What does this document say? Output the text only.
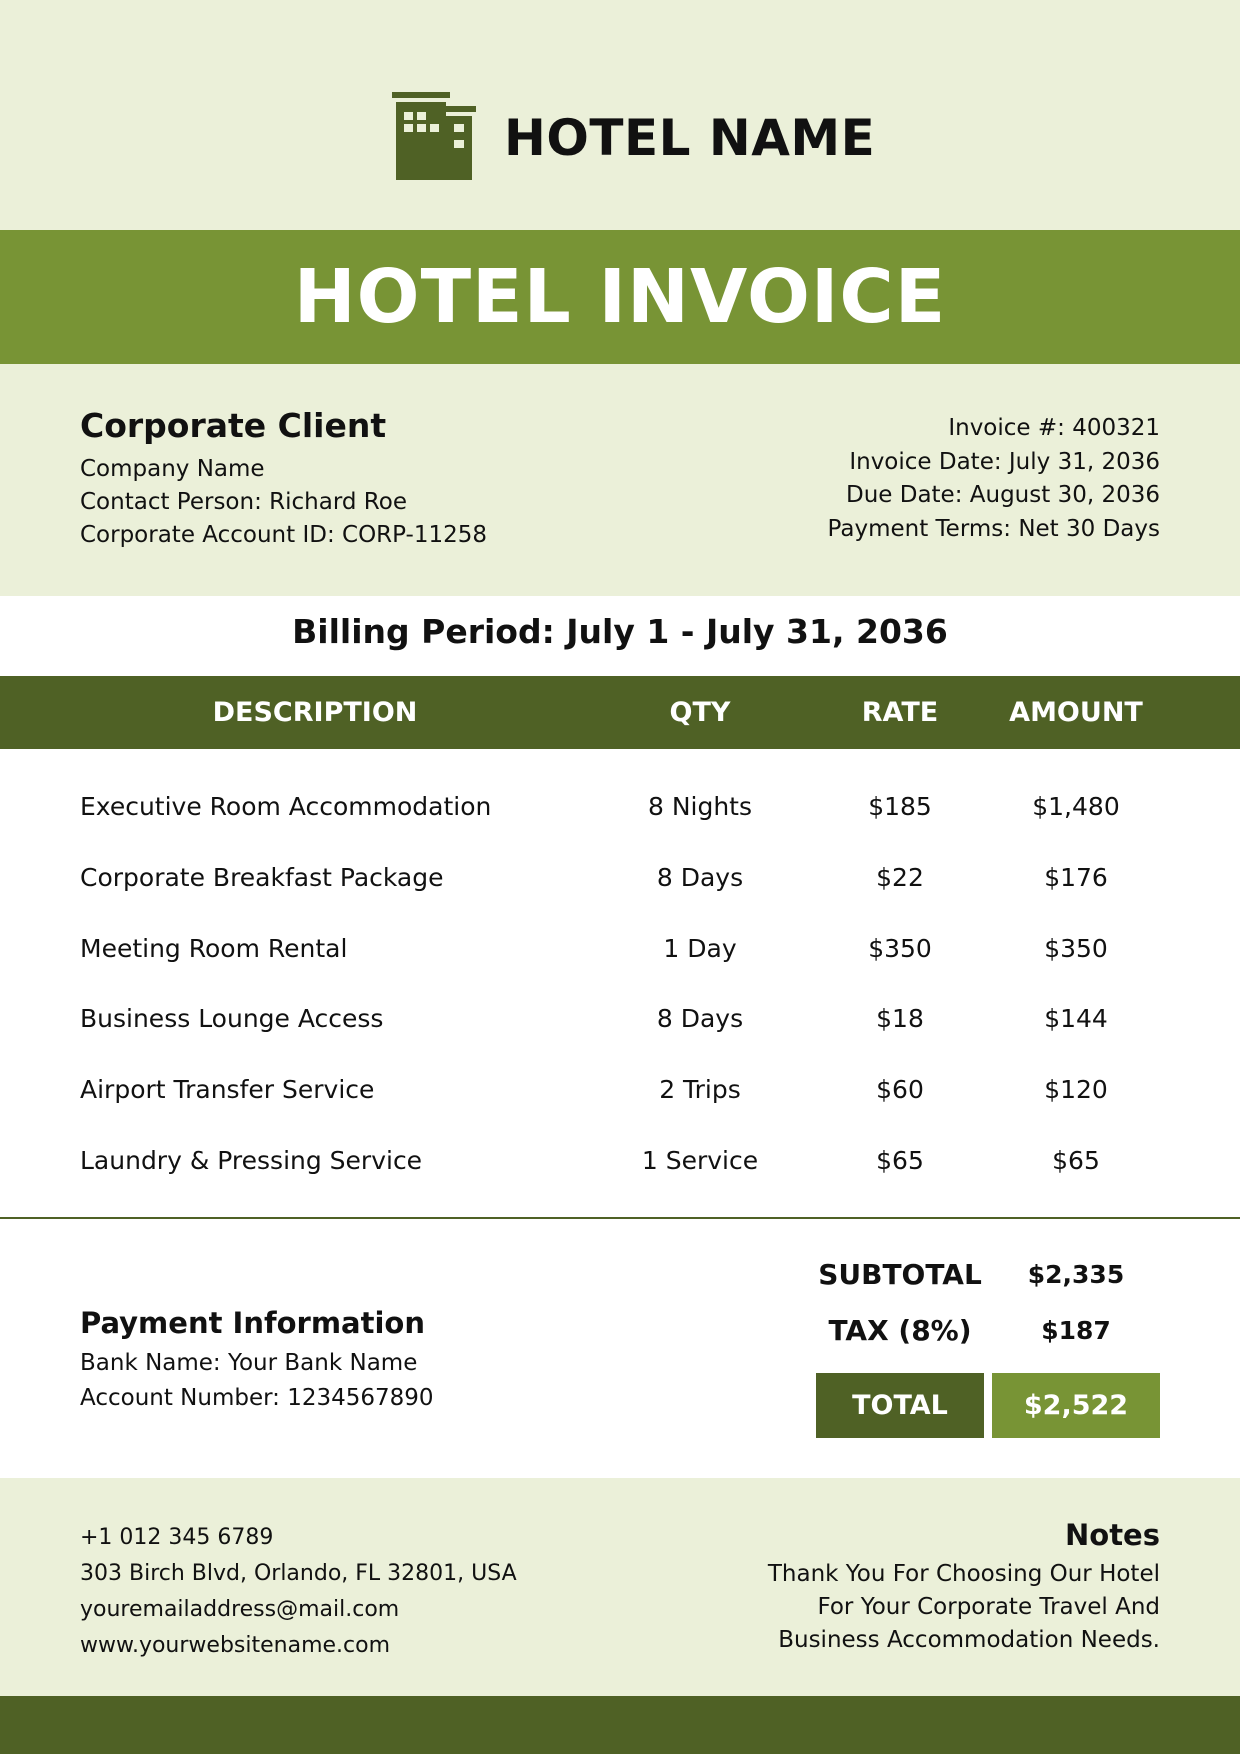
HOTEL NAME
HOTEL INVOICE
Corporate Client
Company Name
Contact Person: Richard Roe
Corporate Account ID: CORP-11258
Invoice #: 400321
Invoice Date: July 31, 2036
Due Date: August 30, 2036
Payment Terms: Net 30 Days
Billing Period: July 1 - July 31, 2036
DESCRIPTION	QTY	RATE	AMOUNT
Executive Room Accommodation	8 Nights	$185	$1,480
Corporate Breakfast Package	8 Days	$22	$176
Meeting Room Rental	1 Day	$350	$350
Business Lounge Access	8 Days	$18	$144
Airport Transfer Service	2 Trips	$60	$120
Laundry & Pressing Service	1 Service	$65	$65
SUBTOTAL	$2,335
TAX (8%)	$187
TOTAL	$2,522
Payment Information
Bank Name: Your Bank Name
Account Number: 1234567890
+1 012 345 6789
303 Birch Blvd, Orlando, FL 32801, USA
youremailaddress@mail.com
www.yourwebsitename.com
Notes
Thank You For Choosing Our Hotel
For Your Corporate Travel And
Business Accommodation Needs.
